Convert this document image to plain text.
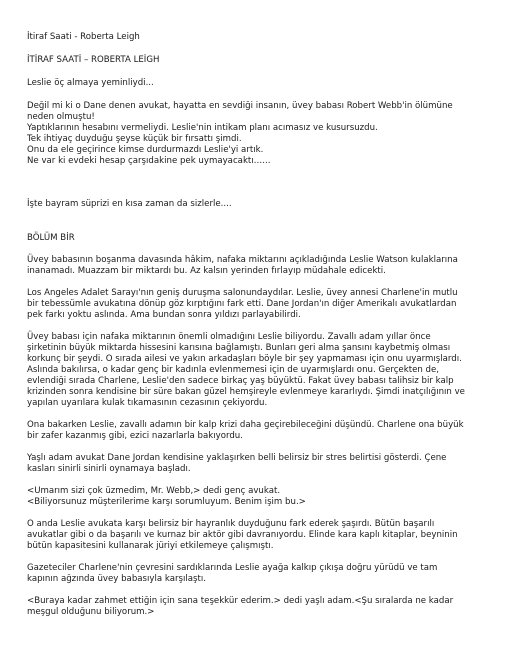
İtiraf Saati - Roberta Leigh
İTİRAF SAATİ – ROBERTA LEİGH
Leslie öç almaya yeminliydi...
Değil mi ki o Dane denen avukat, hayatta en sevdiği insanın, üvey babası Robert Webb'in ölümüne
neden olmuştu!
Yaptıklarının hesabını vermeliydi. Leslie'nin intikam planı acımasız ve kusursuzdu.
Tek ihtiyaç duyduğu şeyse küçük bir fırsattı şimdi.
Onu da ele geçirince kimse durdurmazdı Leslie'yi artık.
Ne var ki evdeki hesap çarşıdakine pek uymayacaktı…...
İşte bayram süprizi en kısa zaman da sizlerle....
BÖLÜM BİR
Üvey babasının boşanma davasında hâkim, nafaka miktarını açıkladığında Leslie Watson kulaklarına
inanamadı. Muazzam bir miktardı bu. Az kalsın yerinden fırlayıp müdahale edicekti.
Los Angeles Adalet Sarayı'nın geniş duruşma salonundaydılar. Leslie, üvey annesi Charlene'in mutlu
bir tebessümle avukatına dönüp göz kırptığını fark etti. Dane Jordan'ın diğer Amerikalı avukatlardan
pek farkı yoktu aslında. Ama bundan sonra yıldızı parlayabilirdi.
Üvey babası için nafaka miktarının önemli olmadığını Leslie biliyordu. Zavallı adam yıllar önce
şirketinin büyük miktarda hissesini karısına bağlamıştı. Bunları geri alma şansını kaybetmiş olması
korkunç bir şeydi. O sırada ailesi ve yakın arkadaşları böyle bir şey yapmaması için onu uyarmışlardı.
Aslında bakılırsa, o kadar genç bir kadınla evlenmemesi için de uyarmışlardı onu. Gerçekten de,
evlendiği sırada Charlene, Leslie'den sadece birkaç yaş büyüktü. Fakat üvey babası talihsiz bir kalp
krizinden sonra kendisine bir süre bakan güzel hemşireyle evlenmeye kararlıydı. Şimdi inatçılığının ve
yapılan uyarılara kulak tıkamasının cezasının çekiyordu.
Ona bakarken Leslie, zavallı adamın bir kalp krizi daha geçirebileceğini düşündü. Charlene ona büyük
bir zafer kazanmış gibi, ezici nazarlarla bakıyordu.
Yaşlı adam avukat Dane Jordan kendisine yaklaşırken belli belirsiz bir stres belirtisi gösterdi. Çene
kasları sinirli sinirli oynamaya başladı.
<Umarım sizi çok üzmedim, Mr. Webb,> dedi genç avukat.
<Biliyorsunuz müşterilerime karşı sorumluyum. Benim işim bu.>
O anda Leslie avukata karşı belirsiz bir hayranlık duyduğunu fark ederek şaşırdı. Bütün başarılı
avukatlar gibi o da başarılı ve kurnaz bir aktör gibi davranıyordu. Elinde kara kaplı kitaplar, beyninin
bütün kapasitesini kullanarak jüriyi etkilemeye çalışmıştı.
Gazeteciler Charlene'nin çevresini sardıklarında Leslie ayağa kalkıp çıkışa doğru yürüdü ve tam
kapının ağzında üvey babasıyla karşılaştı.
<Buraya kadar zahmet ettiğin için sana teşekkür ederim.> dedi yaşlı adam.<Şu sıralarda ne kadar
meşgul olduğunu biliyorum.>
